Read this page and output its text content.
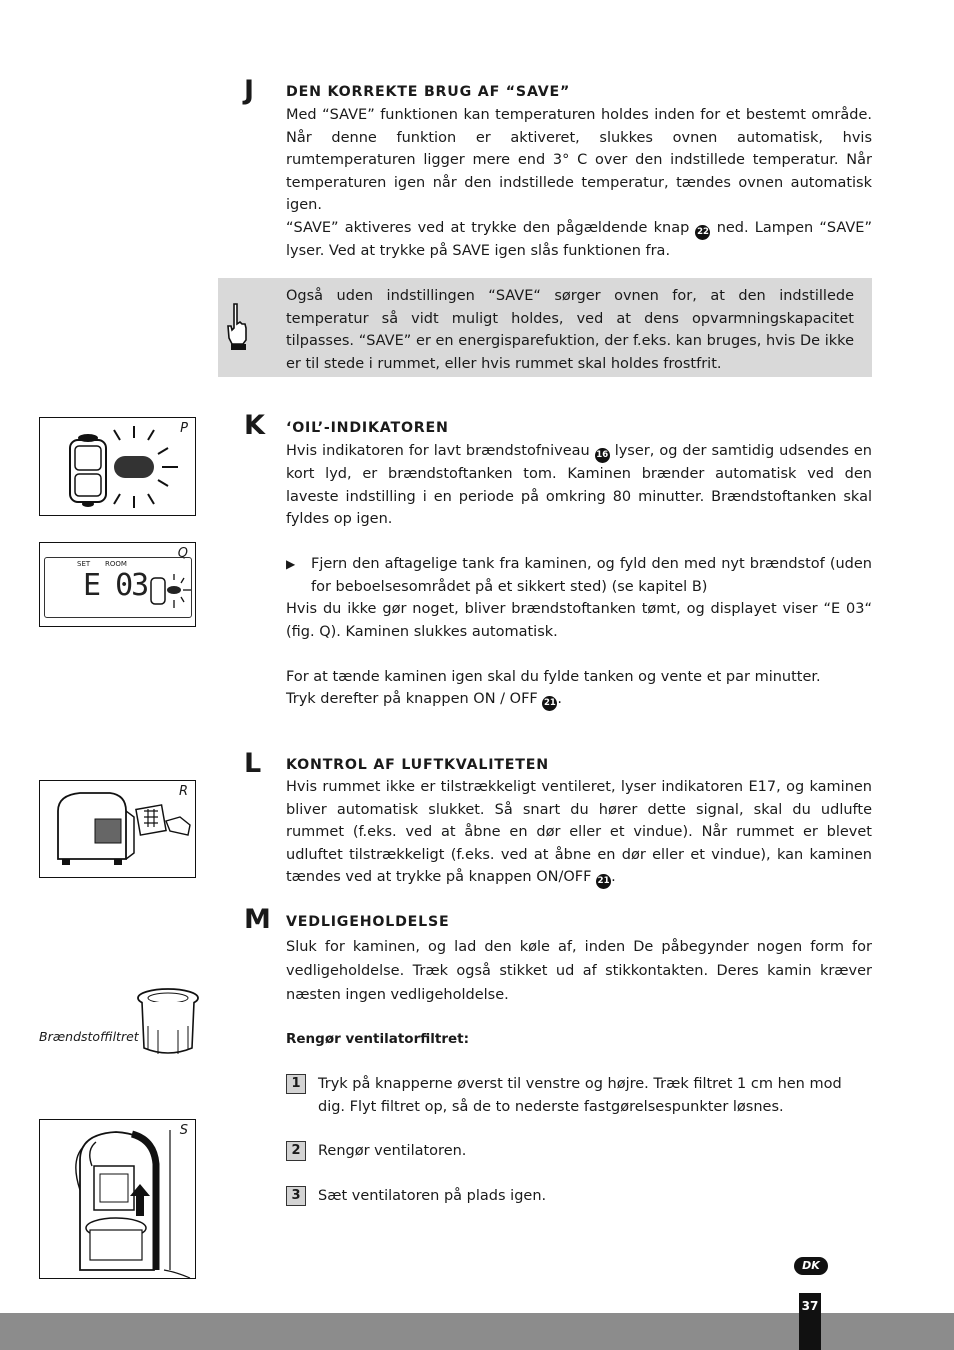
J DEN KORREKTE BRUG AF “SAVE”

Med “SAVE” funktionen kan temperaturen holdes inden for et bestemt område. Når denne funktion er aktiveret, slukkes ovnen automatisk, hvis rumtemperaturen ligger mere end 3° C over den indstillede temperatur. Når temperaturen igen når den indstillede temperatur, tændes ovnen automatisk igen.

“SAVE” aktiveres ved at trykke den pågældende knap 22 ned. Lampen “SAVE” lyser. Ved at trykke på SAVE igen slås funktionen fra.

Også uden indstillingen “SAVE“ sørger ovnen for, at den indstillede temperatur så vidt muligt holdes, ved at dens opvarmningskapacitet tilpasses. “SAVE” er en energisparefuktion, der f.eks. kan bruges, hvis De ikke er til stede i rummet, eller hvis rummet skal holdes frostfrit.
P
Q
SET ROOM
E 03
K ‘OIL’-INDIKATOREN

Hvis indikatoren for lavt brændstofniveau 16 lyser, og der samtidig udsendes en kort lyd, er brændstoftanken tom. Kaminen brænder automatisk ved den laveste indstilling i en periode på omkring 80 minutter. Brændstoftanken skal fyldes op igen.

▶	Fjern den aftagelige tank fra kaminen, og fyld den med nyt brændstof (uden for beboelsesområdet på et sikkert sted) (se kapitel B)

Hvis du ikke gør noget, bliver brændstoftanken tømt, og displayet viser “E 03“ (fig. Q). Kaminen slukkes automatisk.

For at tænde kaminen igen skal du fylde tanken og vente et par minutter.

Tryk derefter på knappen ON / OFF 21 .

R
L KONTROL AF LUFTKVALITETEN

Hvis rummet ikke er tilstrækkeligt ventileret, lyser indikatoren E17, og kaminen bliver automatisk slukket. Så snart du hører dette signal, skal du udlufte rummet (f.eks. ved at åbne en dør eller et vindue). Når rummet er blevet udluftet tilstrækkeligt (f.eks. ved at åbne en dør eller et vindue), kan kaminen tændes ved at trykke på knappen ON/OFF 21 .

M VEDLIGEHOLDELSE
Sluk for kaminen, og lad den køle af, inden De påbegynder nogen form for vedligeholdelse. Træk også stikket ud af stikkontakten. Deres kamin kræver næsten ingen vedligeholdelse.
Rengør ventilatorfiltret:
1	Tryk på knapperne øverst til venstre og højre. Træk filtret 1 cm hen mod dig. Flyt filtret op, så de to nederste fastgørelsespunkter løsnes.
2	Rengør ventilatoren.
3	Sæt ventilatoren på plads igen.
Brændstoffiltret
S
DK
37
